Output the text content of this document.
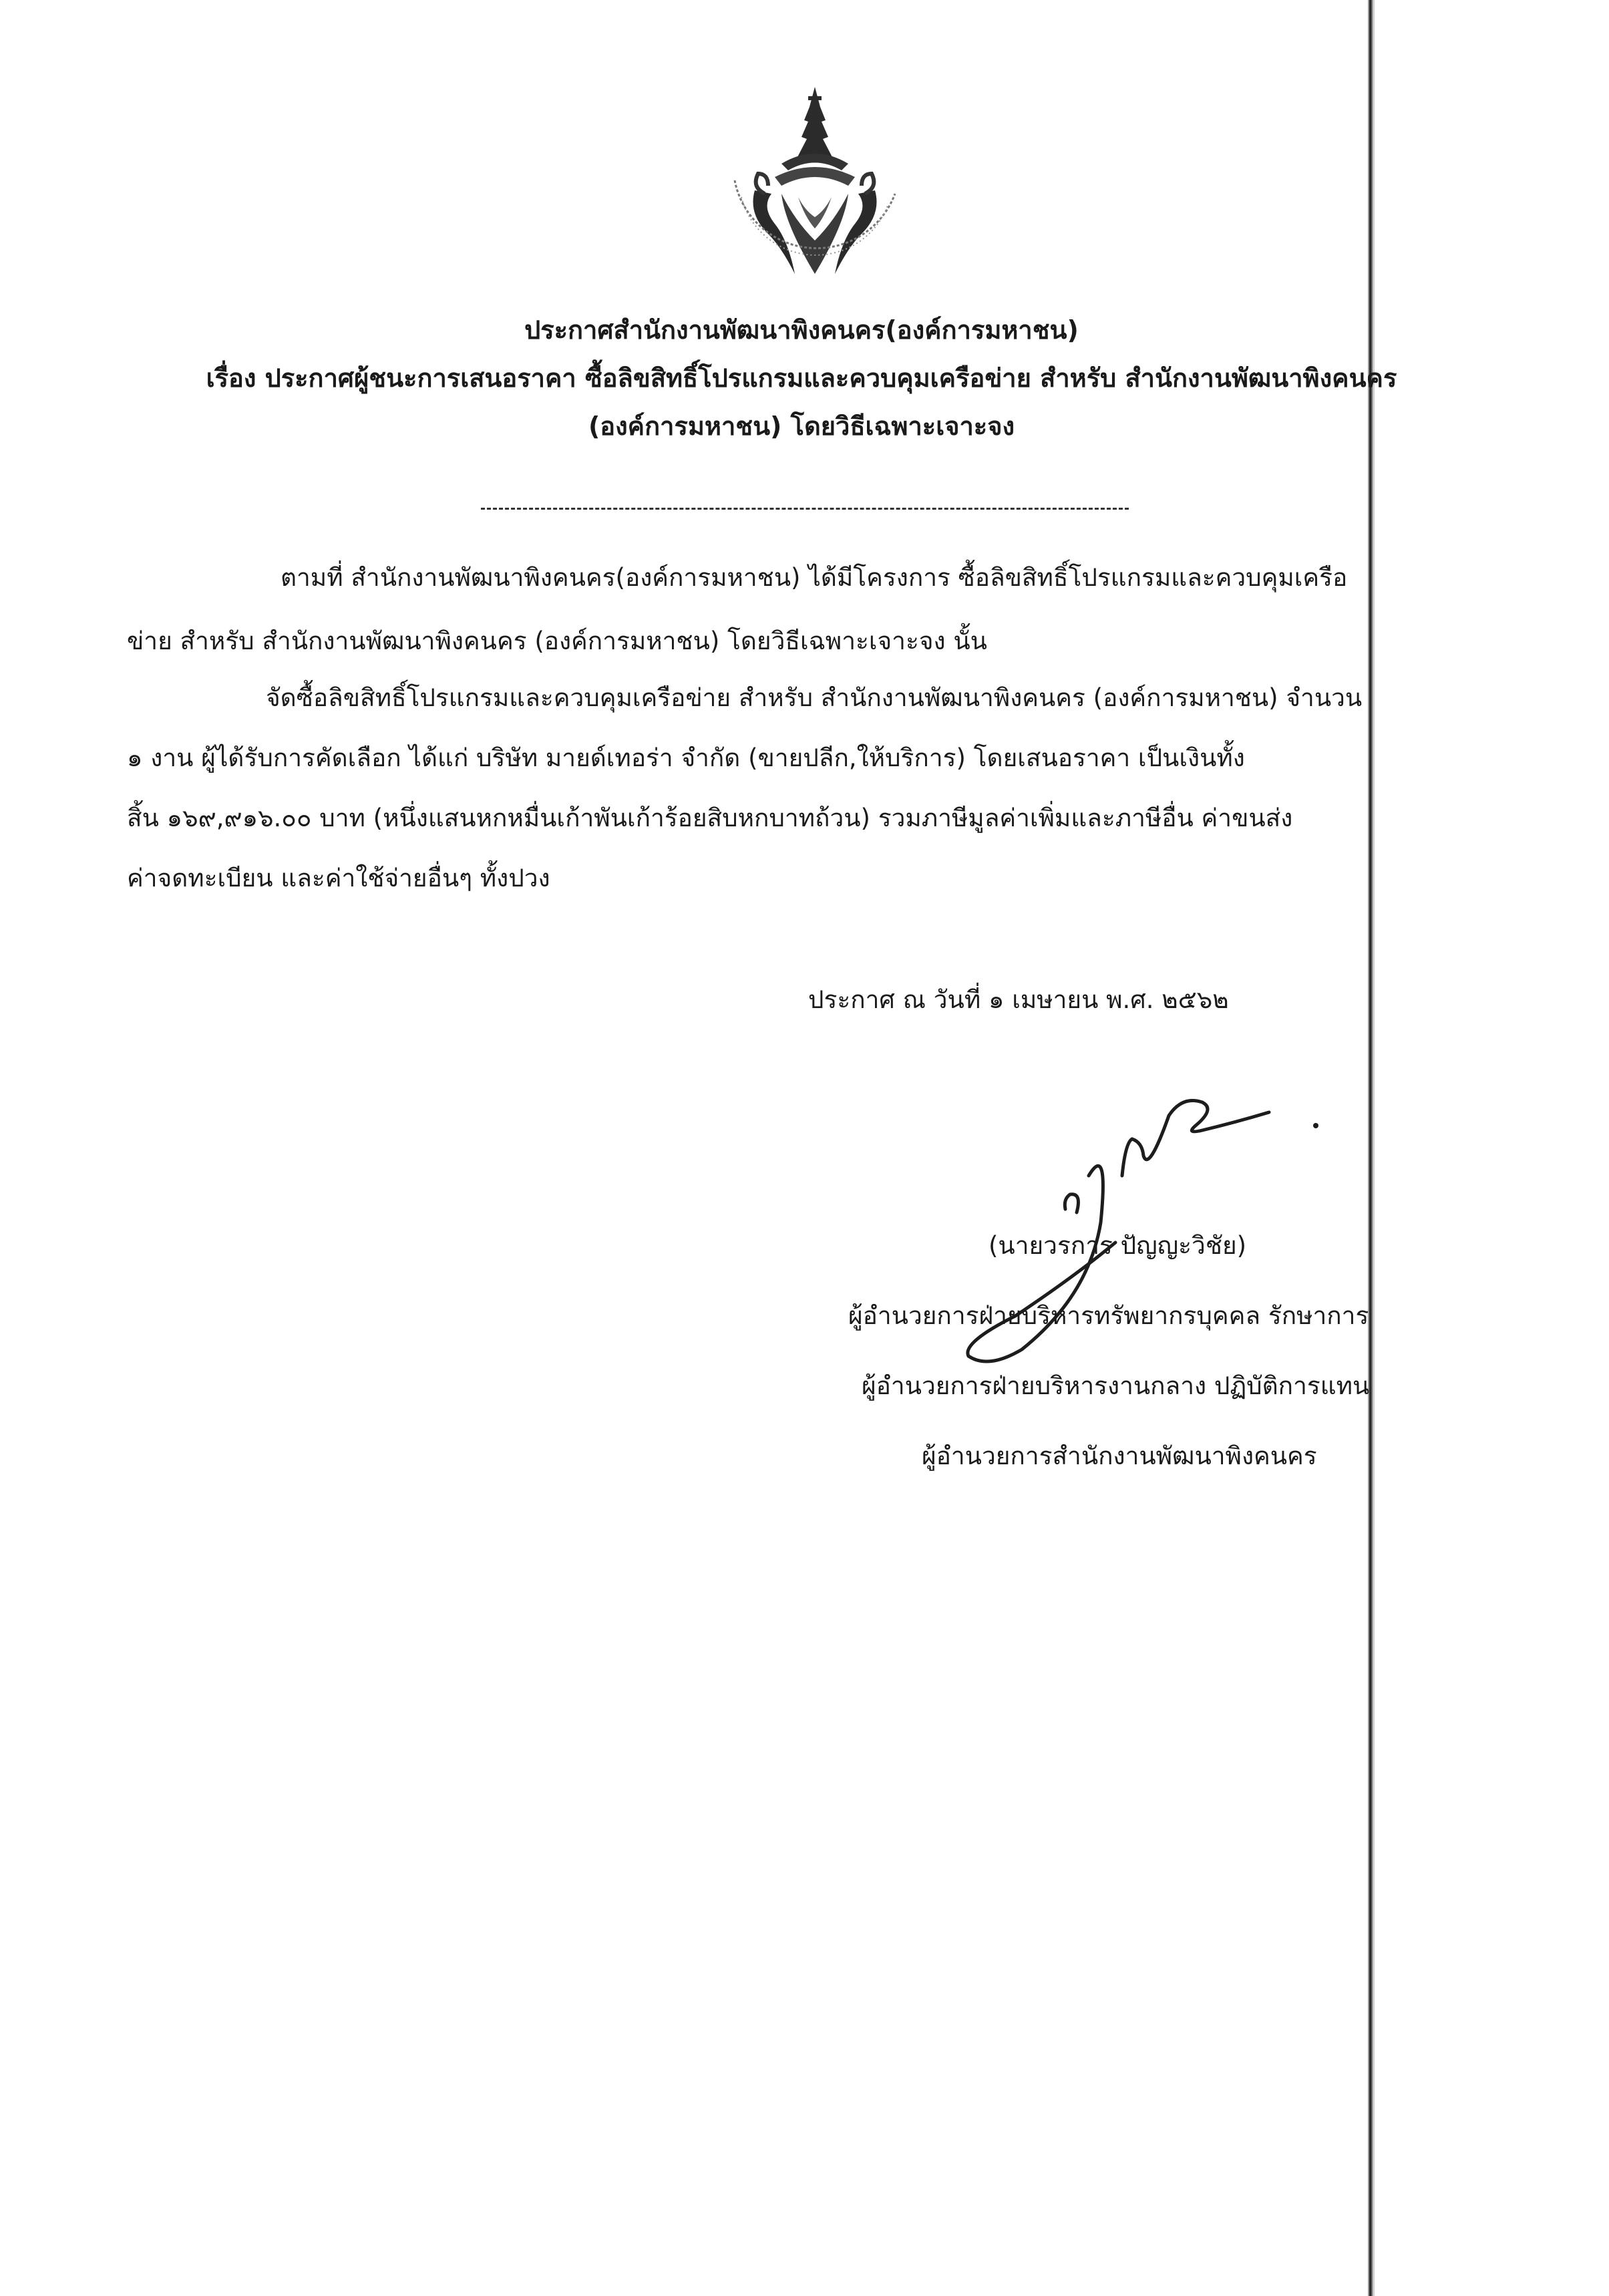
ประกาศสำนักงานพัฒนาพิงคนคร(องค์การมหาชน)
เรื่อง ประกาศผู้ชนะการเสนอราคา ซื้อลิขสิทธิ์โปรแกรมและควบคุมเครือข่าย สำหรับ สำนักงานพัฒนาพิงคนคร
(องค์การมหาชน) โดยวิธีเฉพาะเจาะจง
ตามที่ สำนักงานพัฒนาพิงคนคร(องค์การมหาชน) ได้มีโครงการ ซื้อลิขสิทธิ์โปรแกรมและควบคุมเครือ
ข่าย สำหรับ สำนักงานพัฒนาพิงคนคร (องค์การมหาชน) โดยวิธีเฉพาะเจาะจง นั้น
จัดซื้อลิขสิทธิ์โปรแกรมและควบคุมเครือข่าย สำหรับ สำนักงานพัฒนาพิงคนคร (องค์การมหาชน) จำนวน
๑ งาน ผู้ได้รับการคัดเลือก ได้แก่ บริษัท มายด์เทอร่า จำกัด (ขายปลีก,ให้บริการ) โดยเสนอราคา เป็นเงินทั้ง
สิ้น ๑๖๙,๙๑๖.๐๐ บาท (หนึ่งแสนหกหมื่นเก้าพันเก้าร้อยสิบหกบาทถ้วน) รวมภาษีมูลค่าเพิ่มและภาษีอื่น ค่าขนส่ง
ค่าจดทะเบียน และค่าใช้จ่ายอื่นๆ ทั้งปวง
ประกาศ ณ วันที่ ๑ เมษายน พ.ศ. ๒๕๖๒
(นายวรการ ปัญญะวิชัย)
ผู้อำนวยการฝ่ายบริหารทรัพยากรบุคคล รักษาการ
ผู้อำนวยการฝ่ายบริหารงานกลาง ปฏิบัติการแทน
ผู้อำนวยการสำนักงานพัฒนาพิงคนคร
